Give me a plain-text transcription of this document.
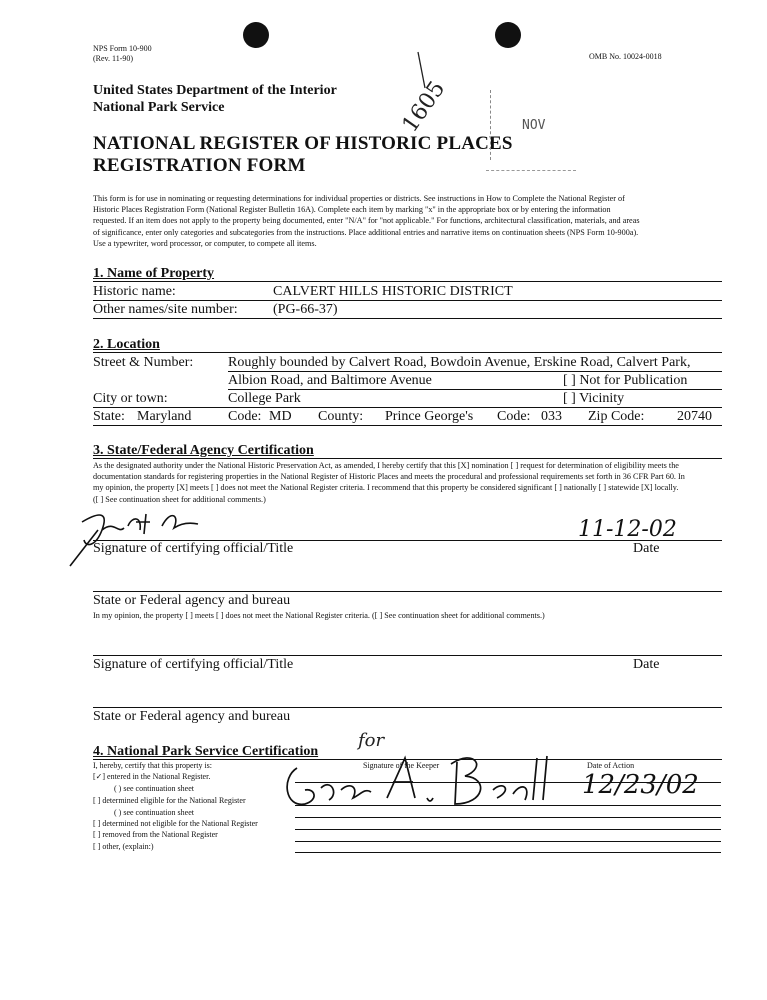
NPS Form 10-900
(Rev. 11-90)	OMB No. 10024-0018
United States Department of the Interior
National Park Service
NATIONAL REGISTER OF HISTORIC PLACES
REGISTRATION FORM
1605	NOV
This form is for use in nominating or requesting determinations for individual properties or districts. See instructions in How to Complete the National Register of
Historic Places Registration Form (National Register Bulletin 16A). Complete each item by marking "x" in the appropriate box or by entering the information
requested. If an item does not apply to the property being documented, enter "N/A" for "not applicable." For functions, architectural classification, materials, and areas
of significance, enter only categories and subcategories from the instructions. Place additional entries and narrative items on continuation sheets (NPS Form 10-900a).
Use a typewriter, word processor, or computer, to compete all items.
1. Name of Property
Historic name:	CALVERT HILLS HISTORIC DISTRICT
Other names/site number:	(PG-66-37)
2. Location
Street & Number: Roughly bounded by Calvert Road, Bowdoin Avenue, Erskine Road, Calvert Park,
Albion Road, and Baltimore Avenue	[ ] Not for Publication
City or town:	College Park	[ ] Vicinity
State: Maryland	Code: MD County: Prince George's Code: 033 Zip Code: 20740
3. State/Federal Agency Certification
As the designated authority under the National Historic Preservation Act, as amended, I hereby certify that this [X] nomination [ ] request for determination of eligibility meets the
documentation standards for registering properties in the National Register of Historic Places and meets the procedural and professional requirements set forth in 36 CFR Part 60. In
my opinion, the property [X] meets [ ] does not meet the National Register criteria. I recommend that this property be considered significant [ ] nationally [ ] statewide [X] locally.
([ ] See continuation sheet for additional comments.)
11-12-02
Signature of certifying official/Title	Date
State or Federal agency and bureau
In my opinion, the property [ ] meets [ ] does not meet the National Register criteria. ([ ] See continuation sheet for additional comments.)
Signature of certifying official/Title	Date
State or Federal agency and bureau
4. National Park Service Certification
I, hereby, certify that this property is:
[✓] entered in the National Register.
( ) see continuation sheet
[ ] determined eligible for the National Register
( ) see continuation sheet
[ ] determined not eligible for the National Register
[ ] removed from the National Register
[ ] other, (explain:)
Signature of the Keeper	Date of Action
for
12/23/02
